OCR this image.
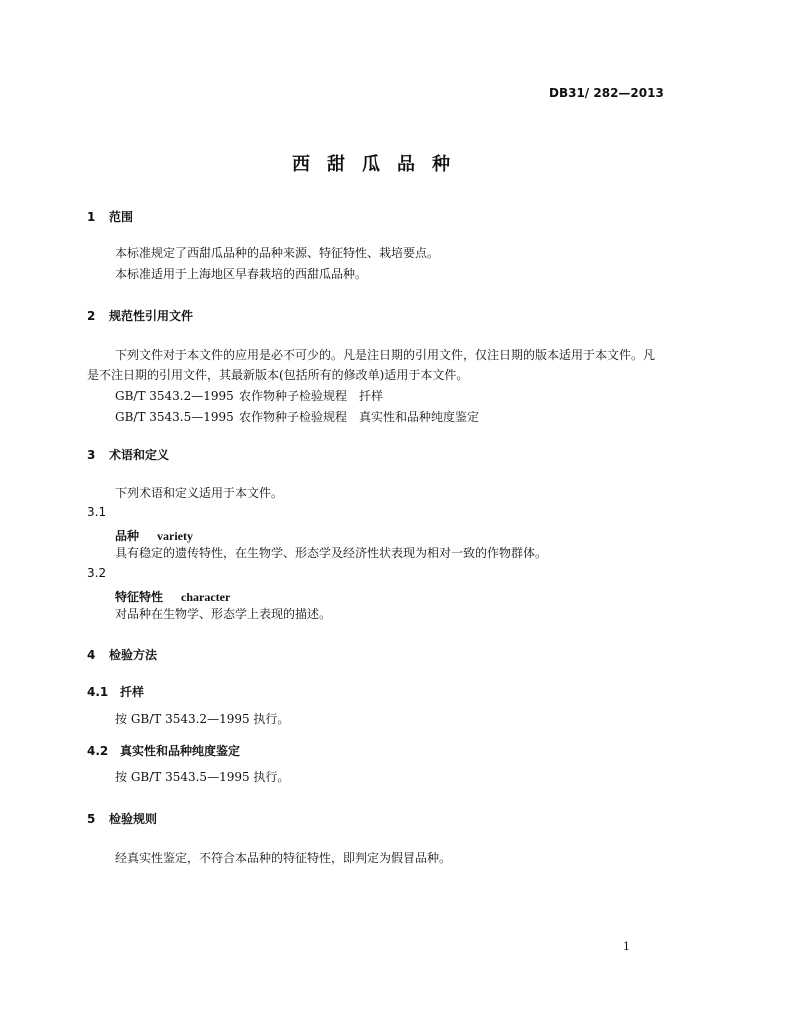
DB31/ 282—2013
西甜瓜品种
1 范围
本标准规定了西甜瓜品种的品种来源、特征特性、栽培要点。
本标准适用于上海地区早春栽培的西甜瓜品种。
2 规范性引用文件
下列文件对于本文件的应用是必不可少的。凡是注日期的引用文件，仅注日期的版本适用于本文件。凡是不注日期的引用文件，其最新版本(包括所有的修改单)适用于本文件。
GB/T 3543.2—1995 农作物种子检验规程 扦样
GB/T 3543.5—1995 农作物种子检验规程 真实性和品种纯度鉴定
3 术语和定义
下列术语和定义适用于本文件。
3.1
品种 variety
具有稳定的遗传特性，在生物学、形态学及经济性状表现为相对一致的作物群体。
3.2
特征特性 character
对品种在生物学、形态学上表现的描述。
4 检验方法
4.1 扦样
按 GB/T 3543.2—1995 执行。
4.2 真实性和品种纯度鉴定
按 GB/T 3543.5—1995 执行。
5 检验规则
经真实性鉴定，不符合本品种的特征特性，即判定为假冒品种。
1
